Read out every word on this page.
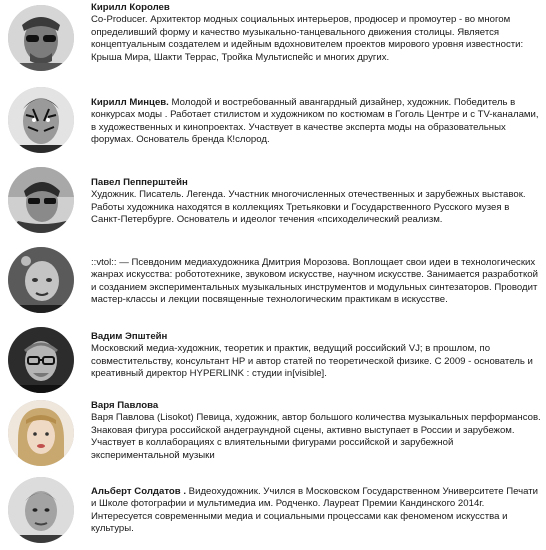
Кирилл Королев
Co-Producer. Архитектор модных социальных интерьеров, продюсер и промоутер - во многом определивший форму и качество музыкально-танцевального движения столицы. Является концептуальным создателем и идейным вдохновителем проектов мирового уровня известности: Крыша Мира, Шакти Террас, Тройка Мультиспейс и многих других.
Кирилл Минцев. Молодой и востребованный авангардный дизайнер, художник. Победитель в конкурсах моды . Работает стилистом и художником по костюмам в Гоголь Центре и с TV-каналами, в художественных и кинопроектах. Участвует в качестве эксперта моды на образовательных форумах. Основатель бренда К!слород.
Павел Пепперштейн
Художник. Писатель. Легенда. Участник многочисленных отечественных и зарубежных выставок. Работы художника находятся в коллекциях Третьяковки и Государственного Русского музея в Санкт-Петербурге. Основатель и идеолог течения «психоделический реализм.
::vtol:: — Псевдоним медиахудожника Дмитрия Морозова. Воплощает свои идеи в технологических жанрах искусства: робототехнике, звуковом искусстве, научном искусстве. Занимается разработкой и созданием экспериментальных музыкальных инструментов и модульных синтезаторов. Проводит мастер-классы и лекции посвященные технологическим практикам в искусстве.
Вадим Эпштейн
Московский медиа-художник, теоретик и практик, ведущий российский VJ; в прошлом, по совместительству, консультант HP и автор статей по теоретической физике. С 2009 - основатель и креативный директор HYPERLINK : студии in[visible].
Варя Павлова
Варя Павлова (Lisokot) Певица, художник, автор большого количества музыкальных перформансов. Знаковая фигура российской андеграундной сцены, активно выступает в России и зарубежом. Участвует в коллаборациях с влиятельными фигурами российской и зарубежной экспериментальной музыки
Альберт Солдатов . Видеохудожник. Учился в Московском Государственном Университете Печати и Школе фотографии и мультимедиа им. Родченко. Лауреат Премии Кандинского 2014г. Интересуется современными медиа и социальными процессами как феноменом искусства и культуры.
